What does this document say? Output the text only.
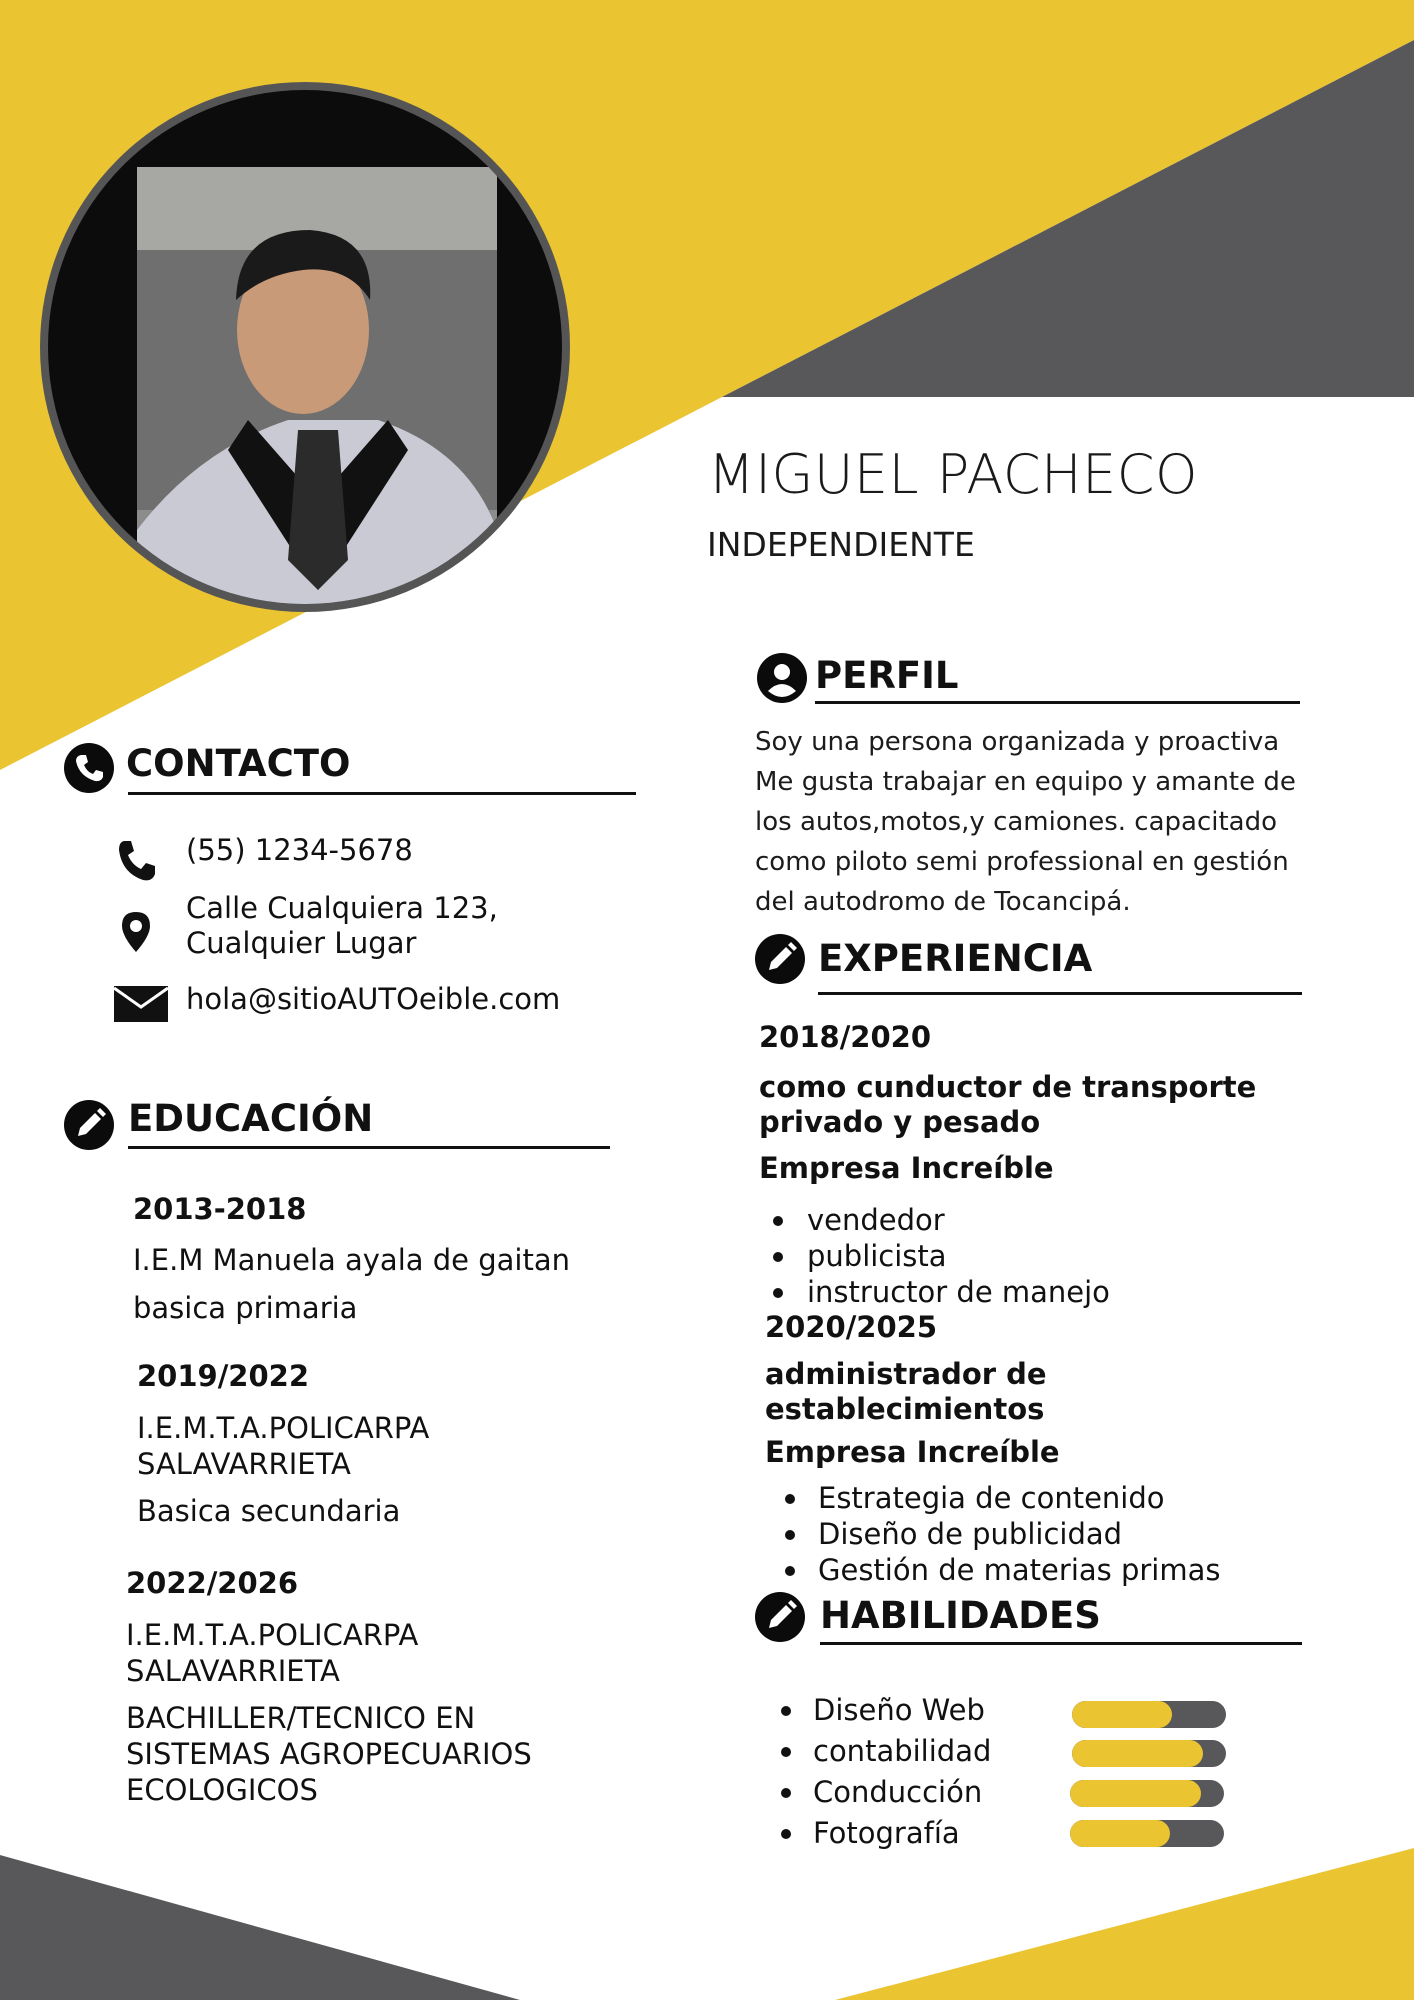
MIGUEL PACHECO
INDEPENDIENTE
PERFIL
Soy una persona organizada y proactiva
Me gusta trabajar en equipo y amante de
los autos,motos,y camiones. capacitado
como piloto semi professional en gestión
del autodromo de Tocancipá.
CONTACTO
(55) 1234-5678
Calle Cualquiera 123,
Cualquier Lugar
hola@sitioAUTOeible.com
EDUCACIÓN
2013-2018
I.E.M Manuela ayala de gaitan
basica primaria
2019/2022
I.E.M.T.A.POLICARPA
SALAVARRIETA
Basica secundaria
2022/2026
I.E.M.T.A.POLICARPA
SALAVARRIETA
BACHILLER/TECNICO EN
SISTEMAS AGROPECUARIOS
ECOLOGICOS
EXPERIENCIA
2018/2020
como cunductor de transporte
privado y pesado
Empresa Increíble
vendedor
publicista
instructor de manejo
2020/2025
administrador de
establecimientos
Empresa Increíble
Estrategia de contenido
Diseño de publicidad
Gestión de materias primas
HABILIDADES
Diseño Web
contabilidad
Conducción
Fotografía
